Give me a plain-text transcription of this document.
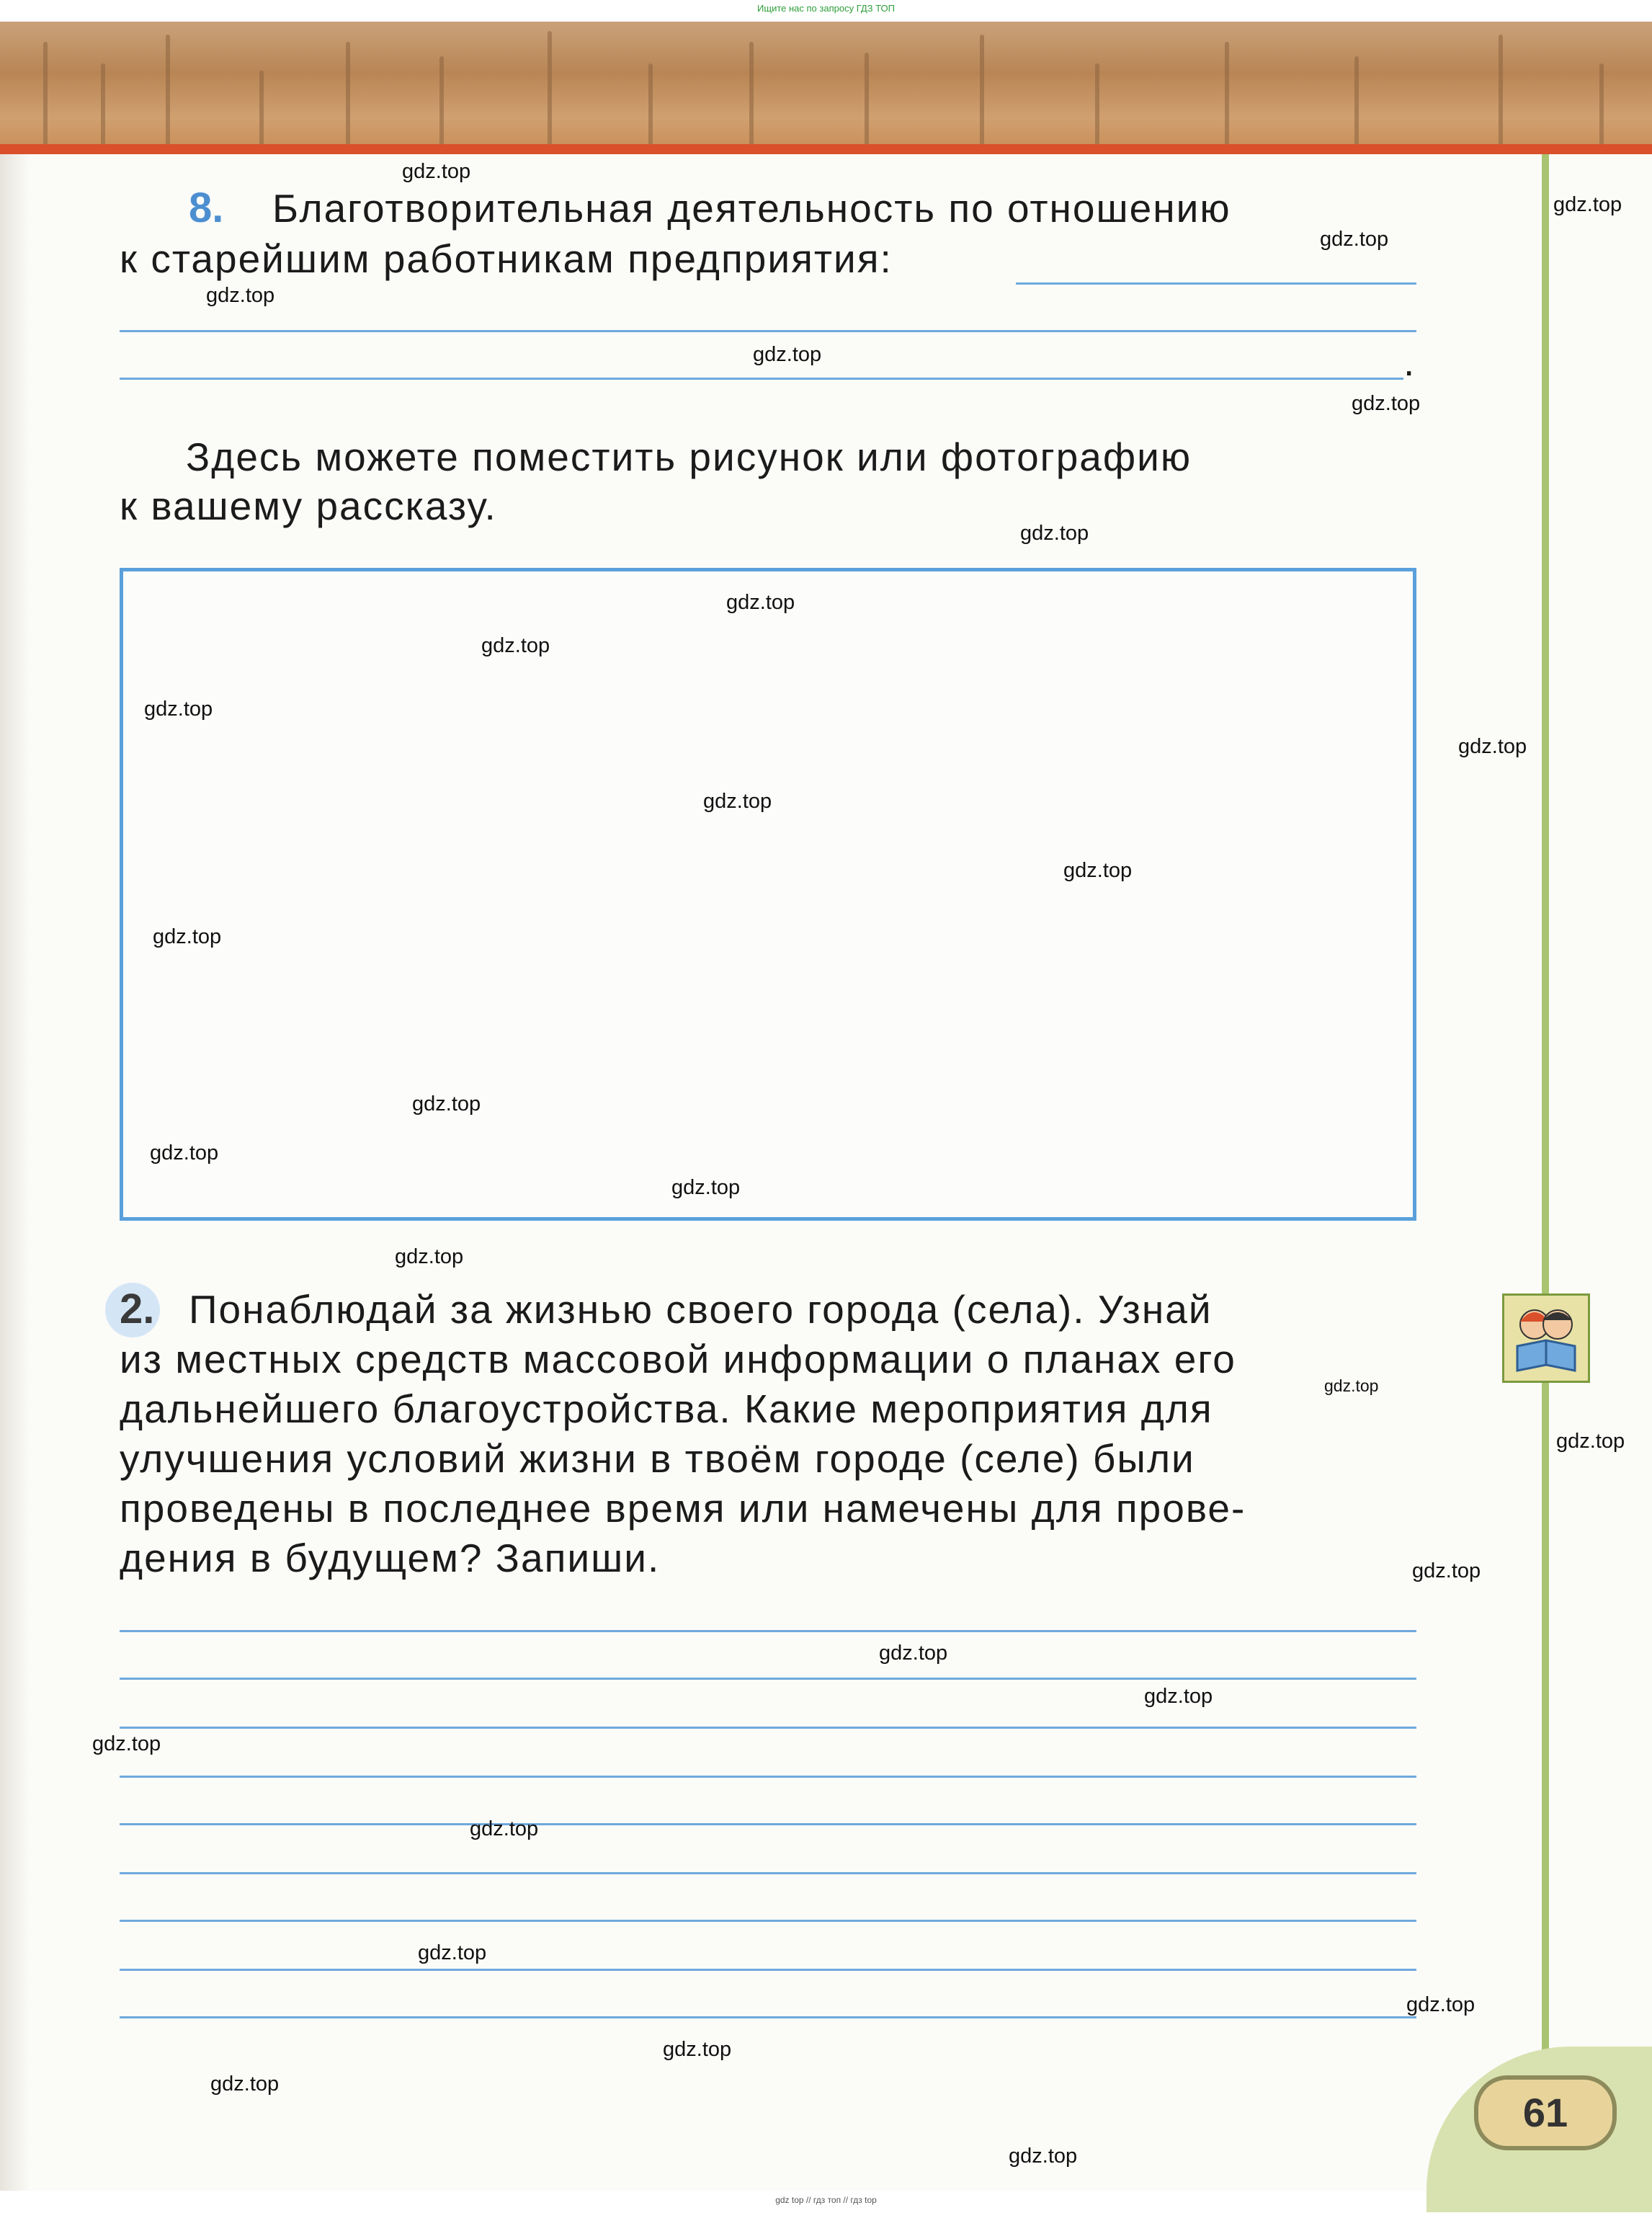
Ищите нас по запросу ГДЗ ТОП
8. Благотворительная деятельность по отношению
к старейшим работникам предприятия:
.
Здесь можете поместить рисунок или фотографию
к вашему рассказу.
2. Понаблюдай за жизнью своего города (села). Узнай
из местных средств массовой информации о планах его
дальнейшего благоустройства. Какие мероприятия для
улучшения условий жизни в твоём городе (селе) были
проведены в последнее время или намечены для прове-
дения в будущем? Запиши.
61
gdz.top
gdz.top
gdz.top
gdz.top
gdz.top
gdz.top
gdz.top
gdz.top
gdz.top
gdz.top
gdz.top
gdz.top
gdz.top
gdz.top
gdz.top
gdz.top
gdz.top
gdz.top
gdz.top
gdz.top
gdz.top
gdz.top
gdz.top
gdz.top
gdz.top
gdz.top
gdz.top
gdz.top
gdz.top
gdz.top
gdz top // гдз топ // гдз top
